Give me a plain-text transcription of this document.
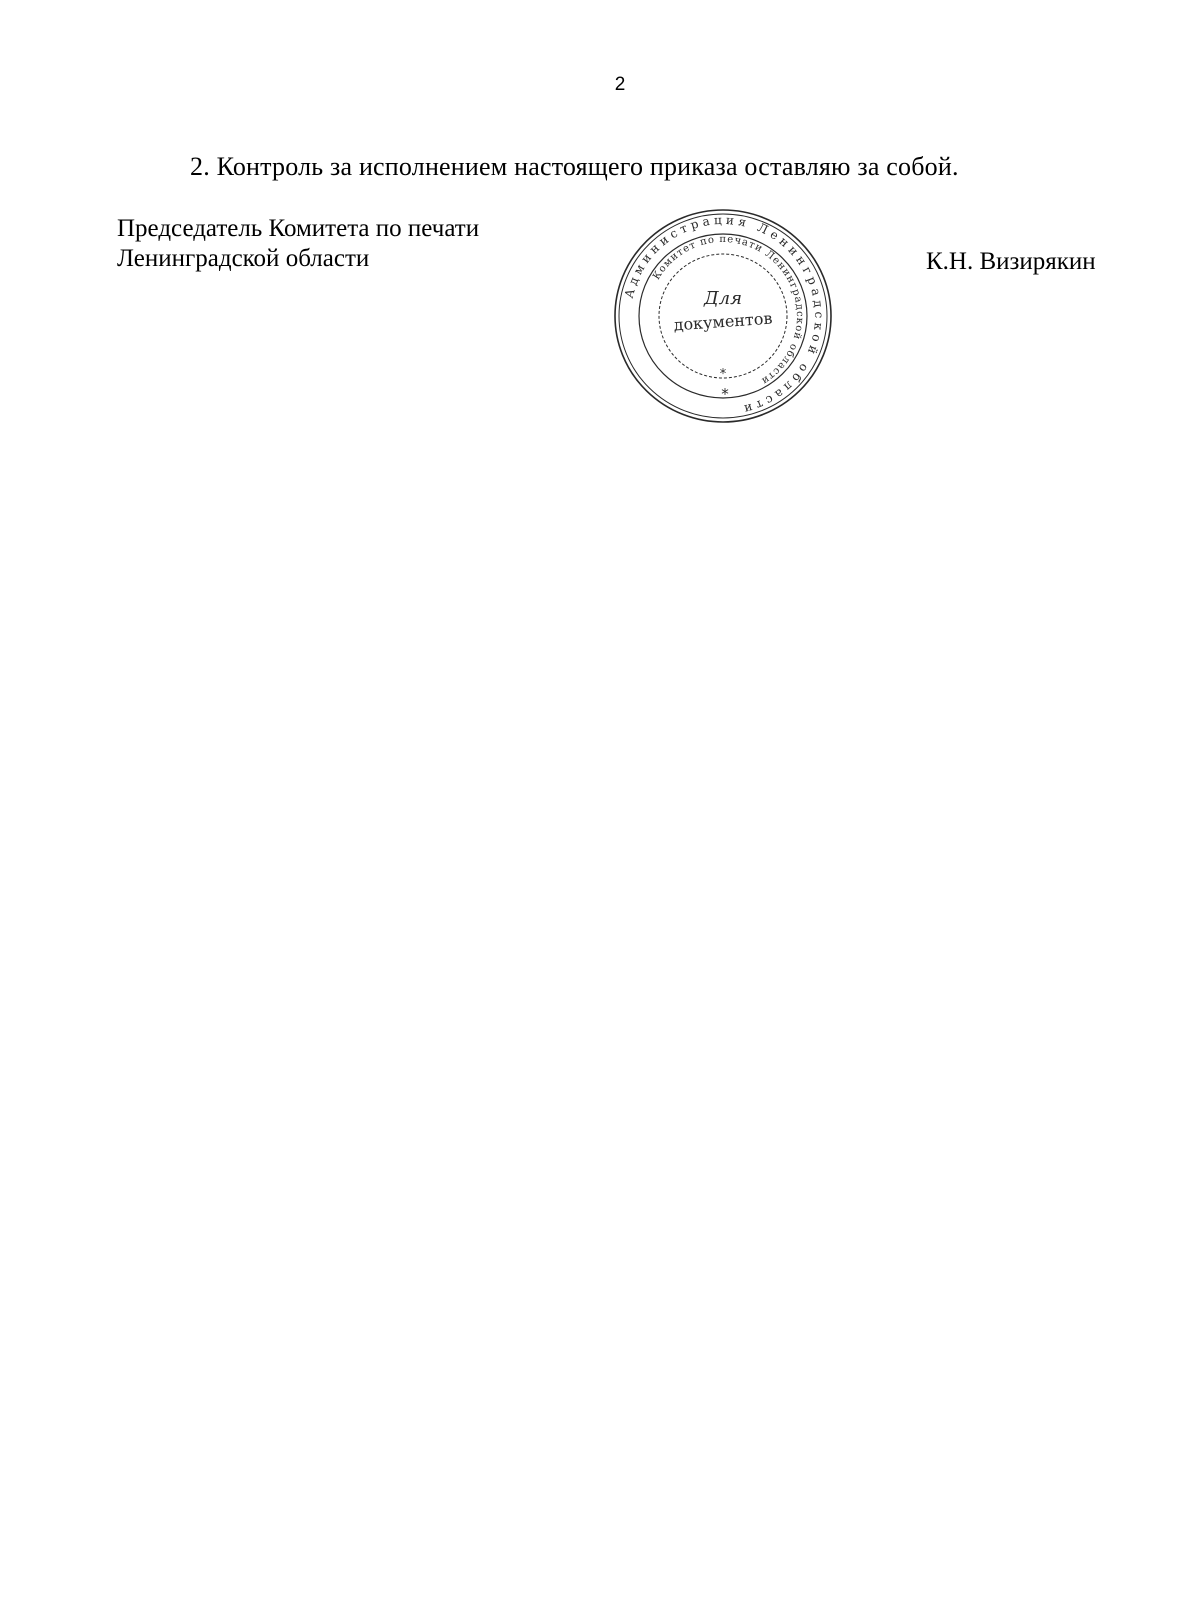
2
2. Контроль за исполнением настоящего приказа оставляю за собой.
Председатель Комитета по печати
Ленинградской области	К.Н. Визирякин
Администрация Ленинградской области
Комитет по печати Ленинградской области
Для
документов
*
*
